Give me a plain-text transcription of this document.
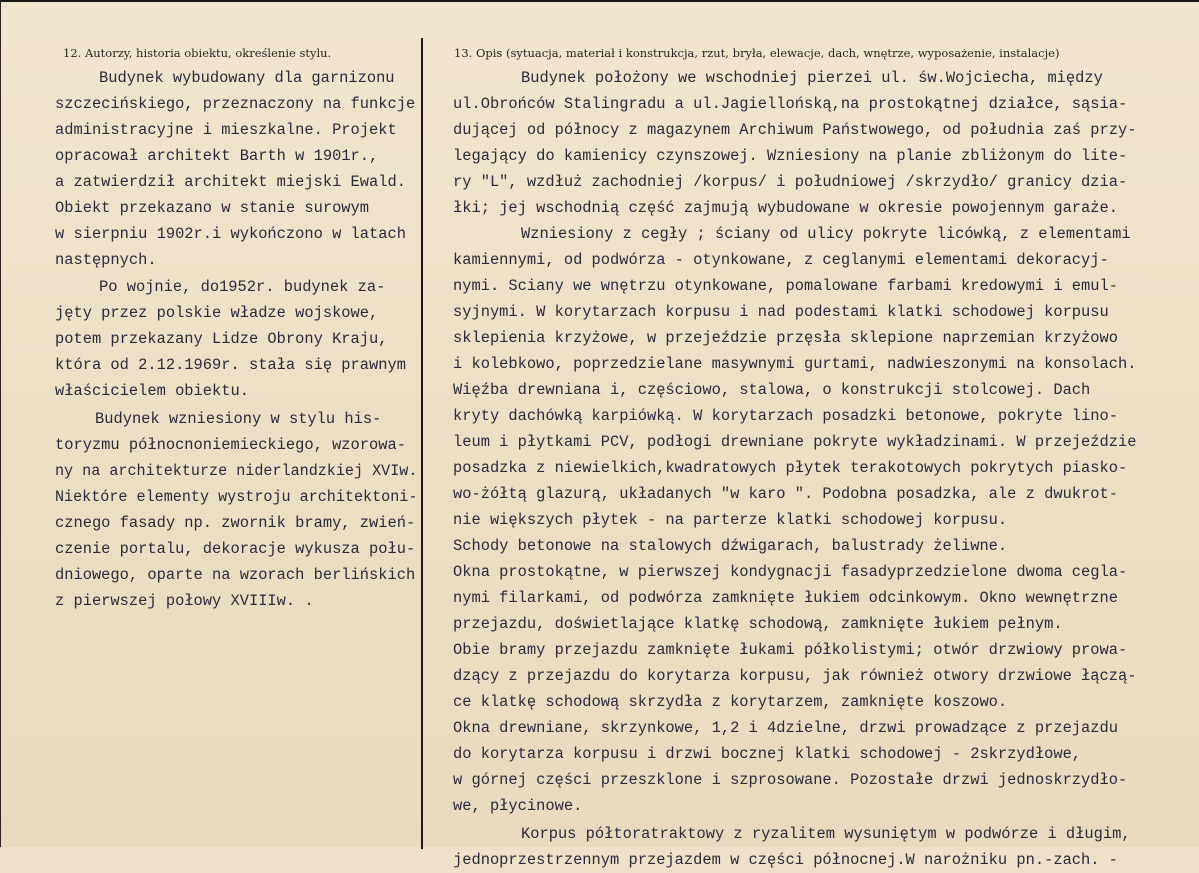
12. Autorzy, historia obiektu, określenie stylu.	13. Opis (sytuacja, materiał i konstrukcja, rzut, bryła, elewacje, dach, wnętrze, wyposażenie, instalacje)

Budynek wybudowany dla garnizonu

szczecińskiego, przeznaczony na funkcje

administracyjne i mieszkalne. Projekt

opracował architekt Barth w 1901r.,

a zatwierdził architekt miejski Ewald.

Obiekt przekazano w stanie surowym

w sierpniu 1902r.i wykończono w latach

następnych.

Po wojnie, do1952r. budynek za-

jęty przez polskie władze wojskowe,

potem przekazany Lidze Obrony Kraju,

która od 2.12.1969r. stała się prawnym

właścicielem obiektu.

Budynek wzniesiony w stylu his-

toryzmu północnoniemieckiego, wzorowa-

ny na architekturze niderlandzkiej XVIw.

Niektóre elementy wystroju architektoni-

cznego fasady np. zwornik bramy, zwień-

czenie portalu, dekoracje wykusza połu-

dniowego, oparte na wzorach berlińskich

z pierwszej połowy XVIIIw. .

Budynek położony we wschodniej pierzei ul. św.Wojciecha, między

ul.Obrońców Stalingradu a ul.Jagiellońską,na prostokątnej działce, sąsia-

dującej od północy z magazynem Archiwum Państwowego, od południa zaś przy-

legający do kamienicy czynszowej. Wzniesiony na planie zbliżonym do lite-

ry "L", wzdłuż zachodniej /korpus/ i południowej /skrzydło/ granicy dzia-

łki; jej wschodnią część zajmują wybudowane w okresie powojennym garaże.

Wzniesiony z cegły ; ściany od ulicy pokryte licówką, z elementami

kamiennymi, od podwórza - otynkowane, z ceglanymi elementami dekoracyj-

nymi. Sciany we wnętrzu otynkowane, pomalowane farbami kredowymi i emul-

syjnymi. W korytarzach korpusu i nad podestami klatki schodowej korpusu

sklepienia krzyżowe, w przejeździe przęsła sklepione naprzemian krzyżowo

i kolebkowo, poprzedzielane masywnymi gurtami, nadwieszonymi na konsolach.

Więźba drewniana i, częściowo, stalowa, o konstrukcji stolcowej. Dach

kryty dachówką karpiówką. W korytarzach posadzki betonowe, pokryte lino-

leum i płytkami PCV, podłogi drewniane pokryte wykładzinami. W przejeździe

posadzka z niewielkich,kwadratowych płytek terakotowych pokrytych piasko-

wo-żółtą glazurą, układanych "w karo ". Podobna posadzka, ale z dwukrot-

nie większych płytek - na parterze klatki schodowej korpusu.

Schody betonowe na stalowych dźwigarach, balustrady żeliwne.

Okna prostokątne, w pierwszej kondygnacji fasadyprzedzielone dwoma cegla-

nymi filarkami, od podwórza zamknięte łukiem odcinkowym. Okno wewnętrzne

przejazdu, doświetlające klatkę schodową, zamknięte łukiem pełnym.

Obie bramy przejazdu zamknięte łukami półkolistymi; otwór drzwiowy prowa-

dzący z przejazdu do korytarza korpusu, jak również otwory drzwiowe łączą-

ce klatkę schodową skrzydła z korytarzem, zamknięte koszowo.

Okna drewniane, skrzynkowe, 1,2 i 4dzielne, drzwi prowadzące z przejazdu

do korytarza korpusu i drzwi bocznej klatki schodowej - 2skrzydłowe,

w górnej części przeszklone i szprosowane. Pozostałe drzwi jednoskrzydło-

we, płycinowe.

Korpus półtoratraktowy z ryzalitem wysuniętym w podwórze i długim,

jednoprzestrzennym przejazdem w części północnej.W narożniku pn.-zach. -
